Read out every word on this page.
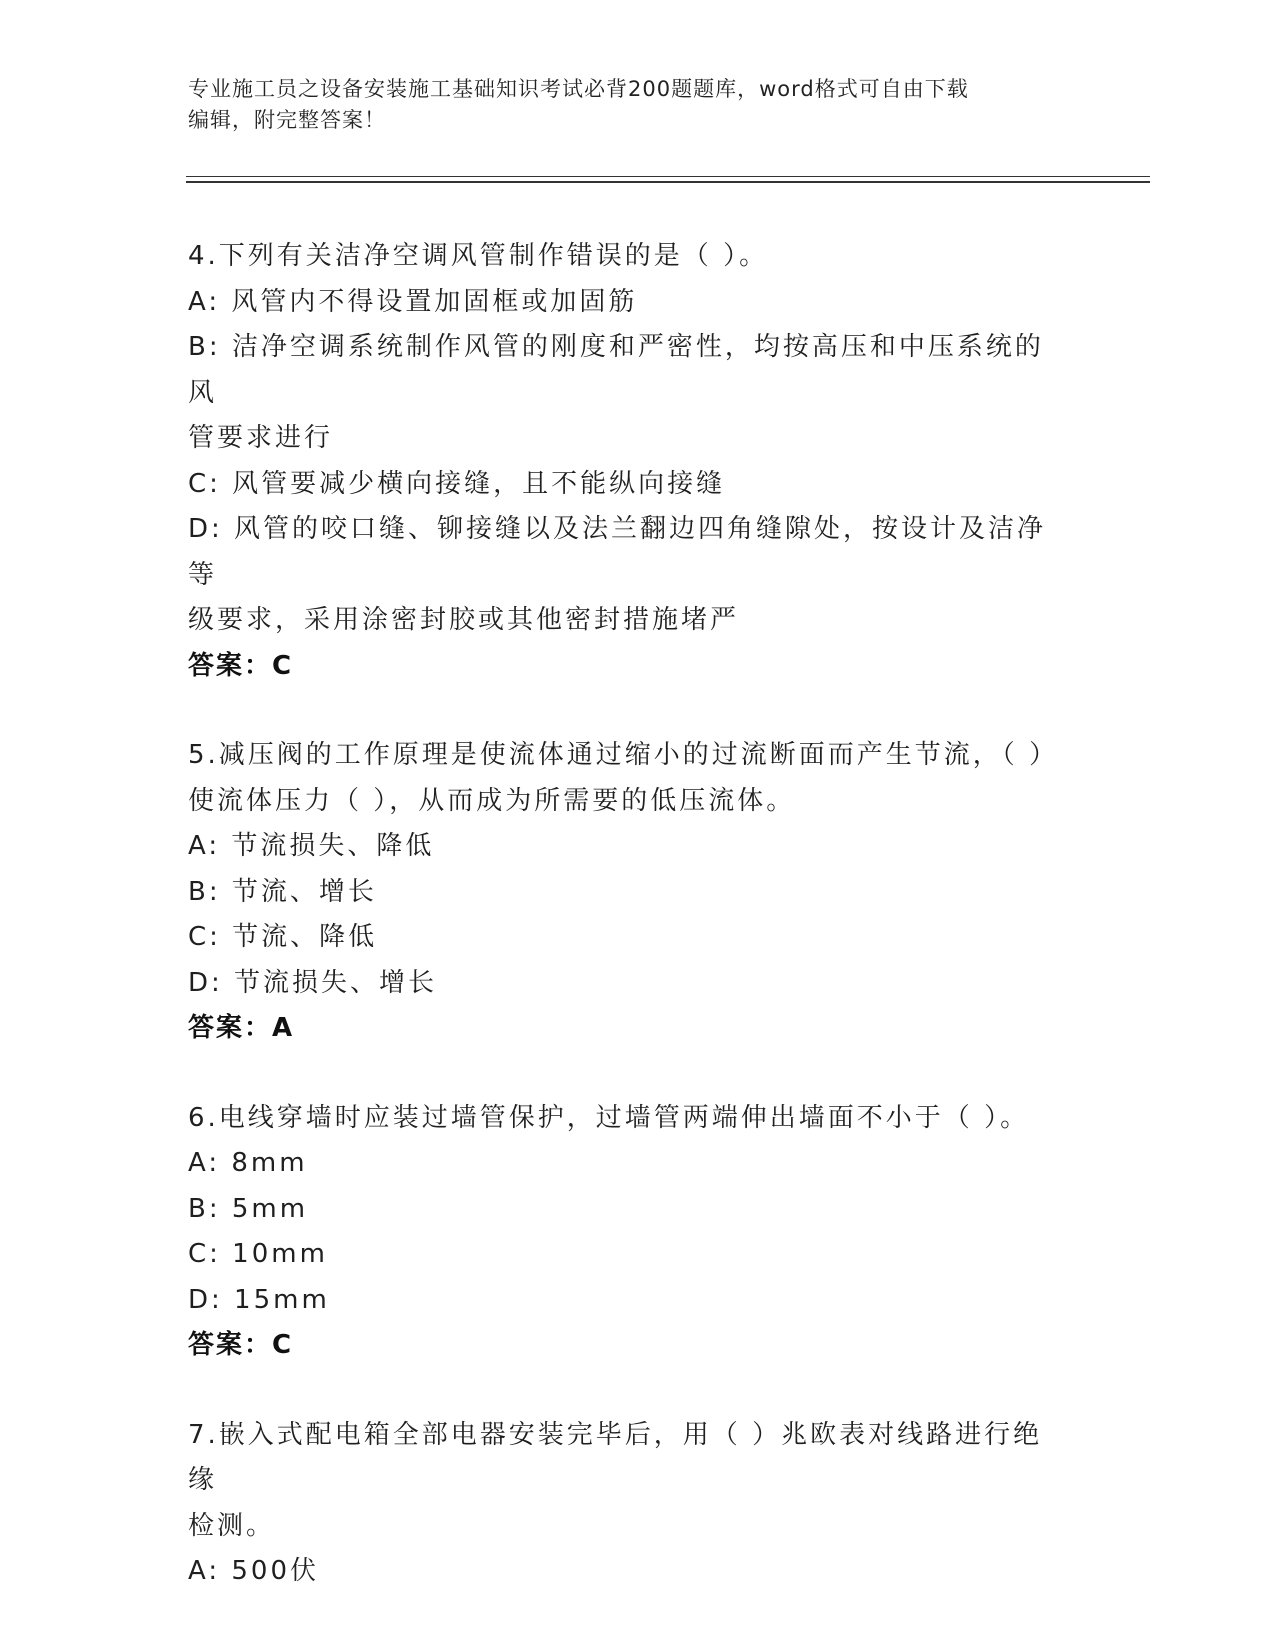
专业施工员之设备安装施工基础知识考试必背200题题库，word格式可自由下载
编辑，附完整答案！
4.下列有关洁净空调风管制作错误的是（ ）。
A: 风管内不得设置加固框或加固筋
B: 洁净空调系统制作风管的刚度和严密性，均按高压和中压系统的风
管要求进行
C: 风管要减少横向接缝，且不能纵向接缝
D: 风管的咬口缝、铆接缝以及法兰翻边四角缝隙处，按设计及洁净等
级要求，采用涂密封胶或其他密封措施堵严
答案：C
5.减压阀的工作原理是使流体通过缩小的过流断面而产生节流，（ ）
使流体压力（ ），从而成为所需要的低压流体。
A: 节流损失、降低
B: 节流、增长
C: 节流、降低
D: 节流损失、增长
答案：A
6.电线穿墙时应装过墙管保护，过墙管两端伸出墙面不小于（ ）。
A: 8mm
B: 5mm
C: 10mm
D: 15mm
答案：C
7.嵌入式配电箱全部电器安装完毕后，用（ ）兆欧表对线路进行绝缘
检测。
A: 500伏
